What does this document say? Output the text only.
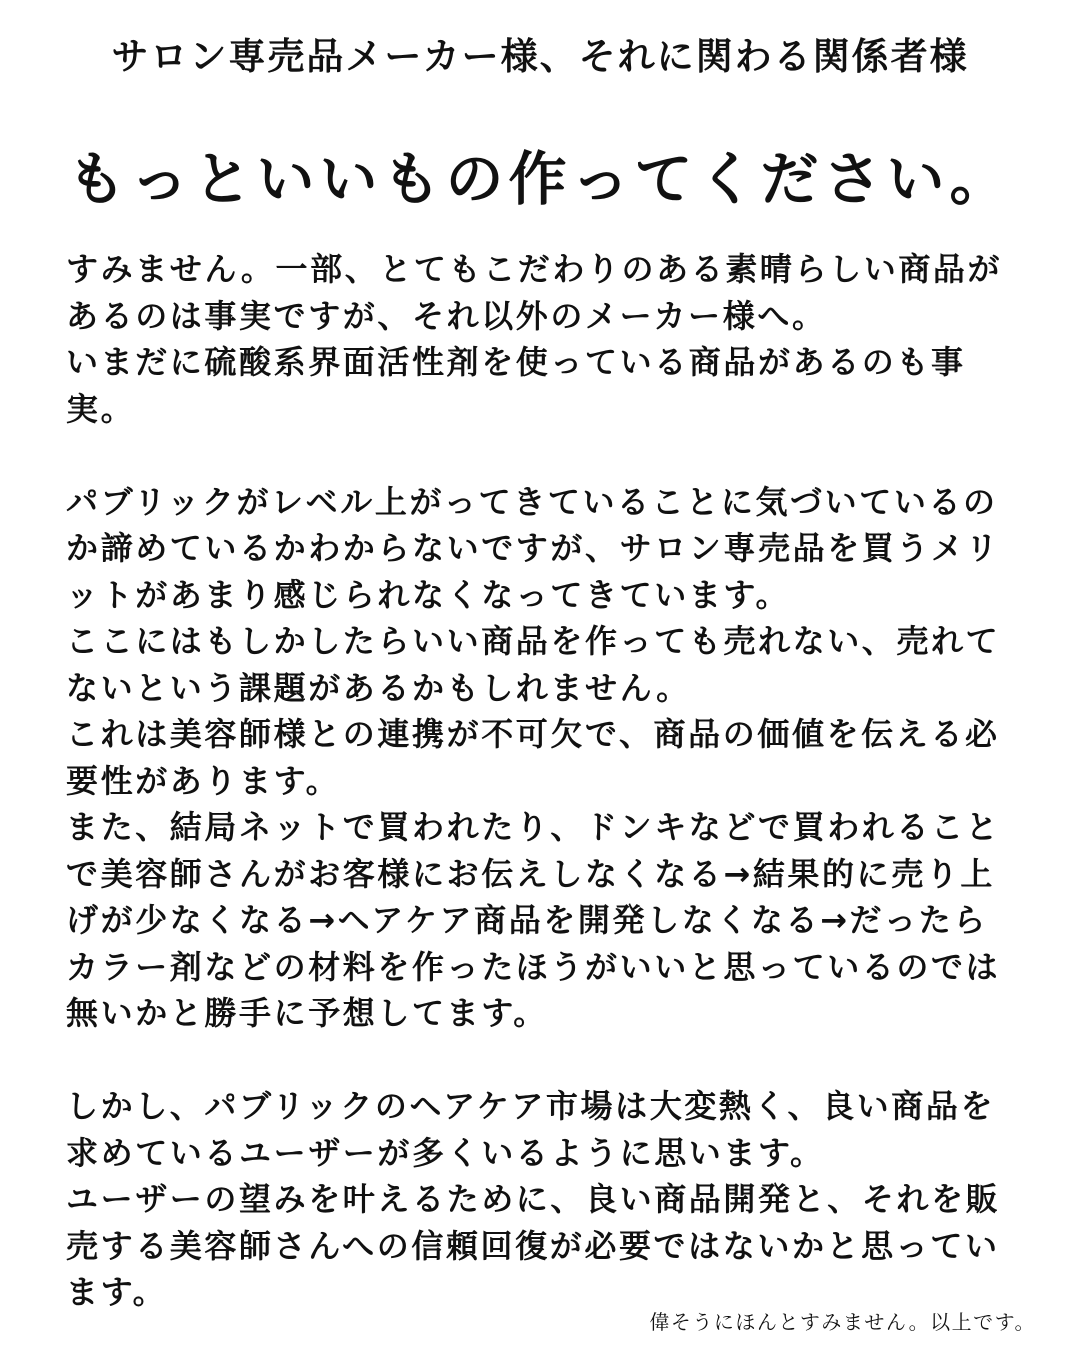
サロン専売品メーカー様、それに関わる関係者様
もっといいもの作ってください。
すみません。一部、とてもこだわりのある素晴らしい商品が
あるのは事実ですが、それ以外のメーカー様へ。
いまだに硫酸系界面活性剤を使っている商品があるのも事
実。
パブリックがレベル上がってきていることに気づいているの
か諦めているかわからないですが、サロン専売品を買うメリ
ットがあまり感じられなくなってきています。
ここにはもしかしたらいい商品を作っても売れない、売れて
ないという課題があるかもしれません。
これは美容師様との連携が不可欠で、商品の価値を伝える必
要性があります。
また、結局ネットで買われたり、ドンキなどで買われること
で美容師さんがお客様にお伝えしなくなる→結果的に売り上
げが少なくなる→ヘアケア商品を開発しなくなる→だったら
カラー剤などの材料を作ったほうがいいと思っているのでは
無いかと勝手に予想してます。
しかし、パブリックのヘアケア市場は大変熱く、良い商品を
求めているユーザーが多くいるように思います。
ユーザーの望みを叶えるために、良い商品開発と、それを販
売する美容師さんへの信頼回復が必要ではないかと思ってい
ます。
偉そうにほんとすみません。以上です。
